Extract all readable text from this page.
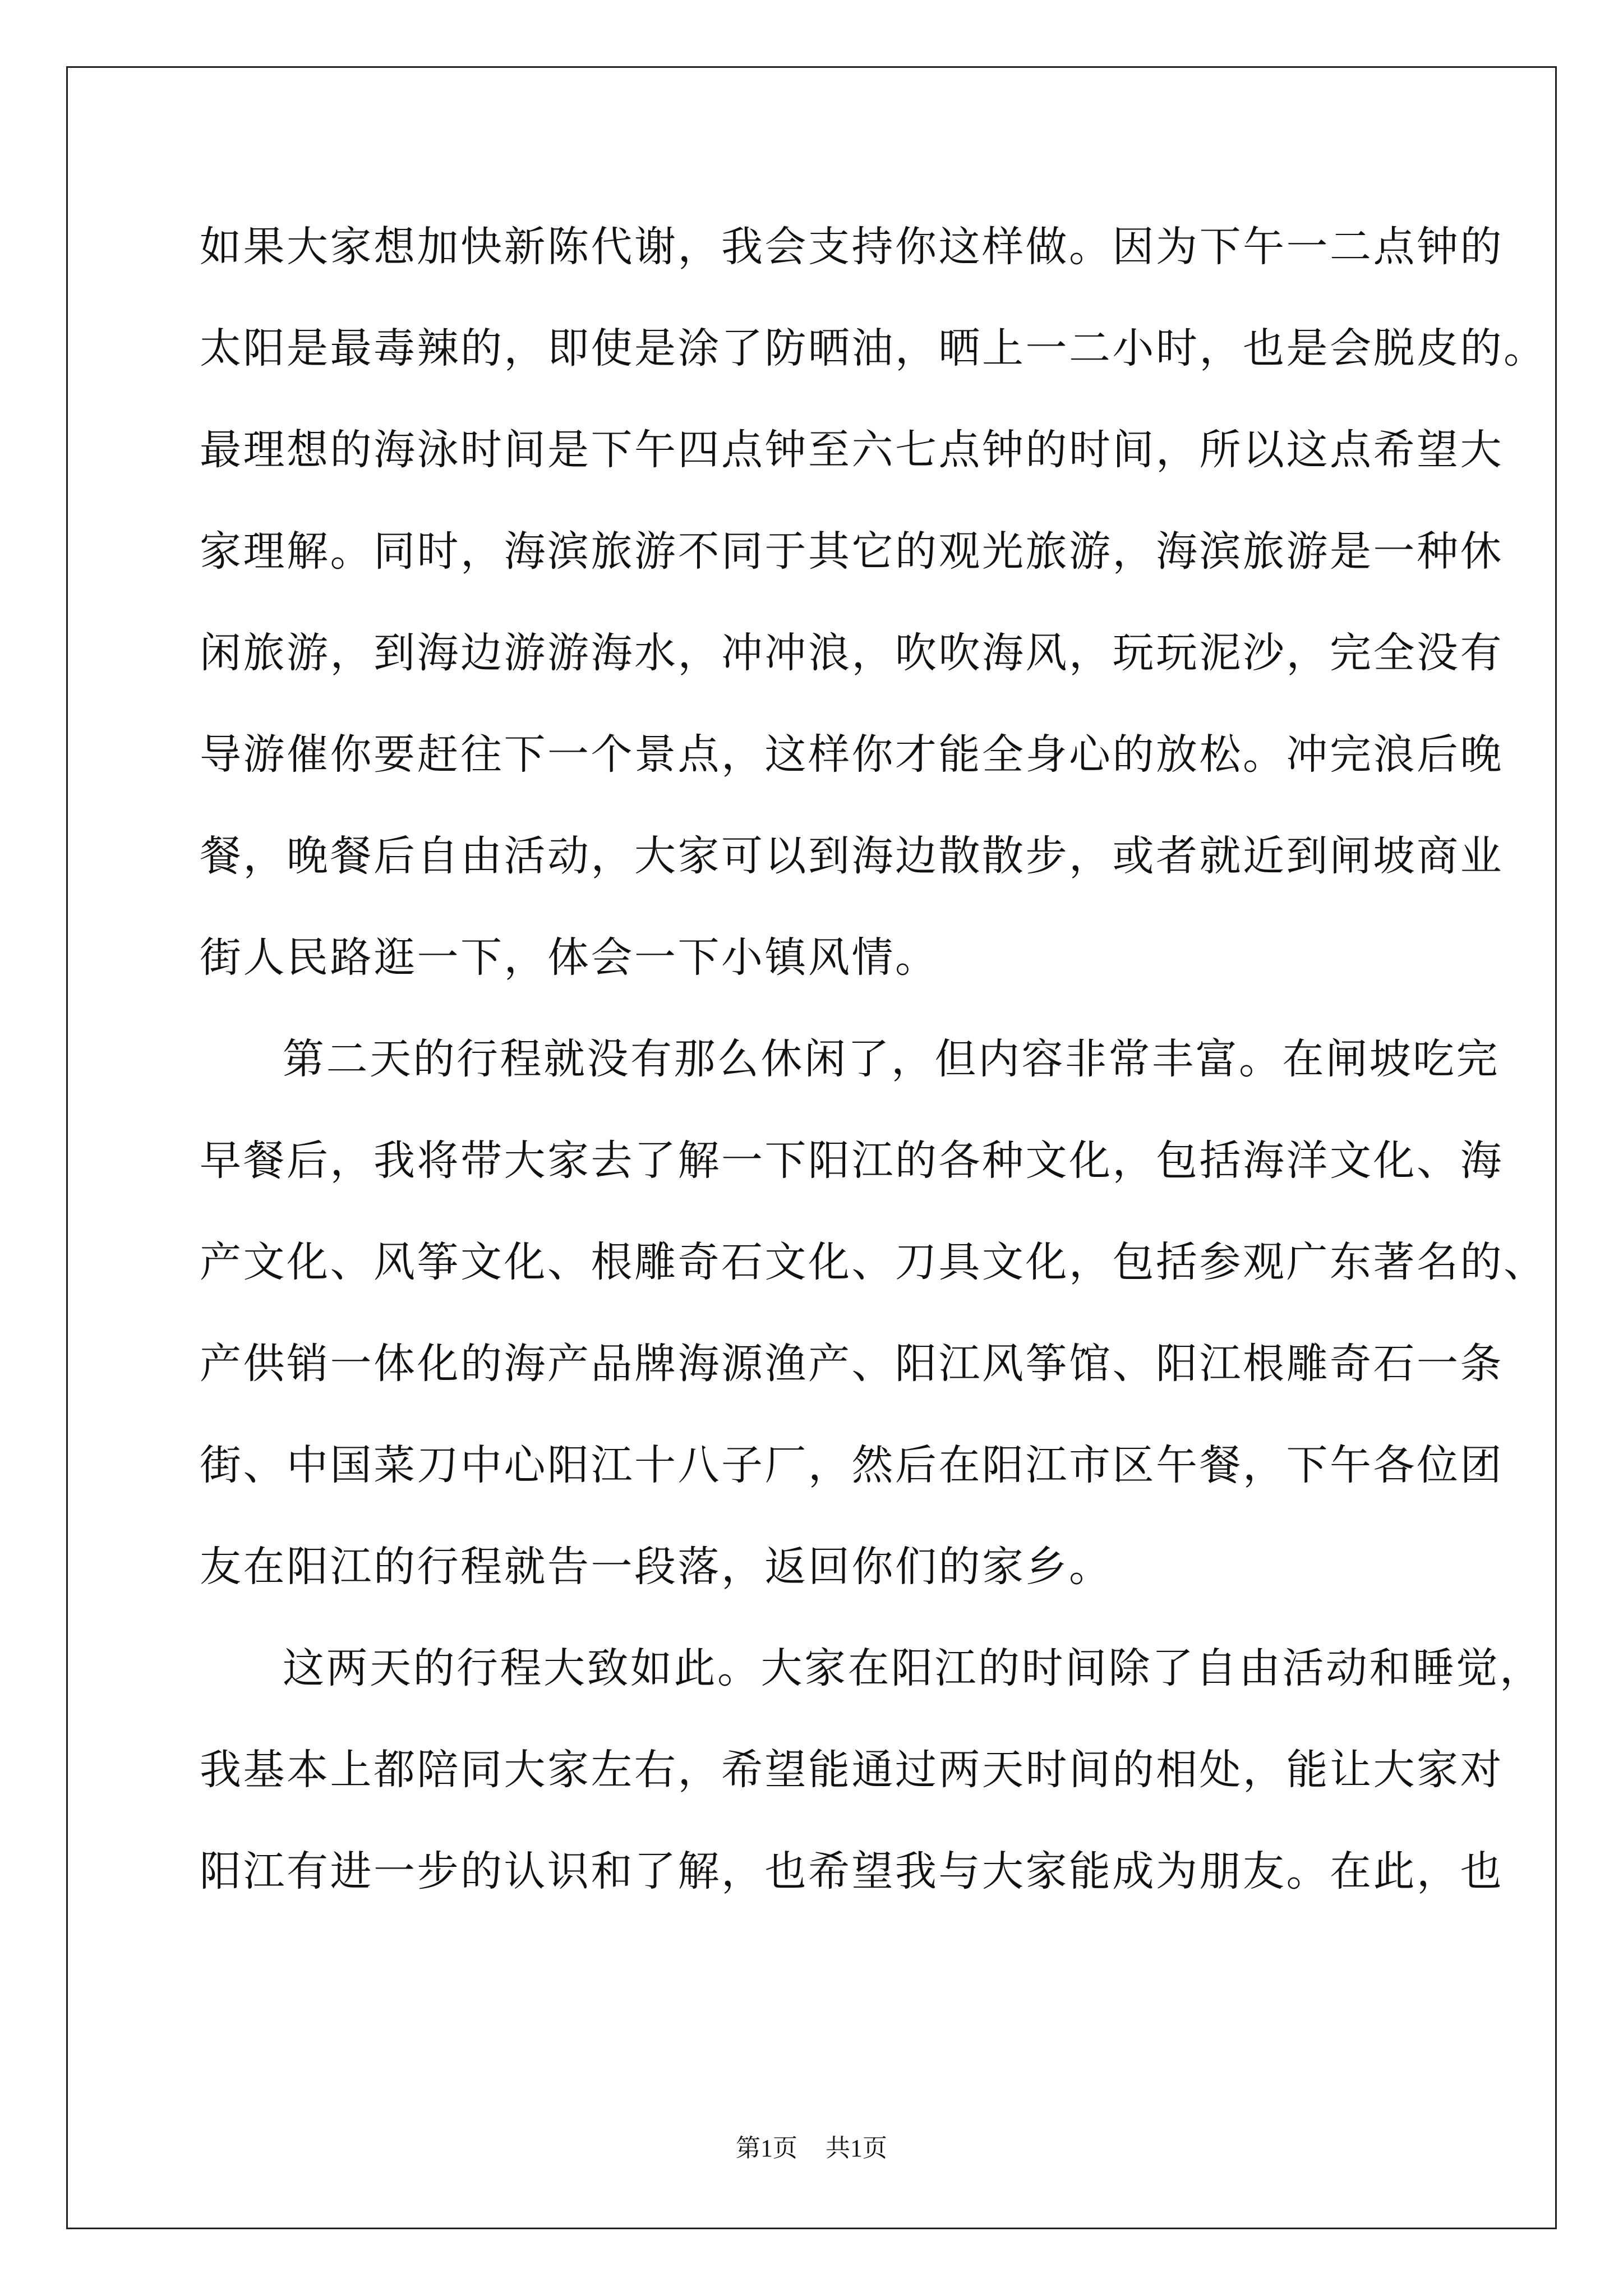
如果大家想加快新陈代谢，我会支持你这样做。因为下午一二点钟的
太阳是最毒辣的，即使是涂了防晒油，晒上一二小时，也是会脱皮的。
最理想的海泳时间是下午四点钟至六七点钟的时间，所以这点希望大
家理解。同时，海滨旅游不同于其它的观光旅游，海滨旅游是一种休
闲旅游，到海边游游海水，冲冲浪，吹吹海风，玩玩泥沙，完全没有
导游催你要赶往下一个景点，这样你才能全身心的放松。冲完浪后晚
餐，晚餐后自由活动，大家可以到海边散散步，或者就近到闸坡商业
街人民路逛一下，体会一下小镇风情。
第二天的行程就没有那么休闲了，但内容非常丰富。在闸坡吃完
早餐后，我将带大家去了解一下阳江的各种文化，包括海洋文化、海
产文化、风筝文化、根雕奇石文化、刀具文化，包括参观广东著名的、
产供销一体化的海产品牌海源渔产、阳江风筝馆、阳江根雕奇石一条
街、中国菜刀中心阳江十八子厂，然后在阳江市区午餐，下午各位团
友在阳江的行程就告一段落，返回你们的家乡。
这两天的行程大致如此。大家在阳江的时间除了自由活动和睡觉，
我基本上都陪同大家左右，希望能通过两天时间的相处，能让大家对
阳江有进一步的认识和了解，也希望我与大家能成为朋友。在此，也
第1页 共1页
